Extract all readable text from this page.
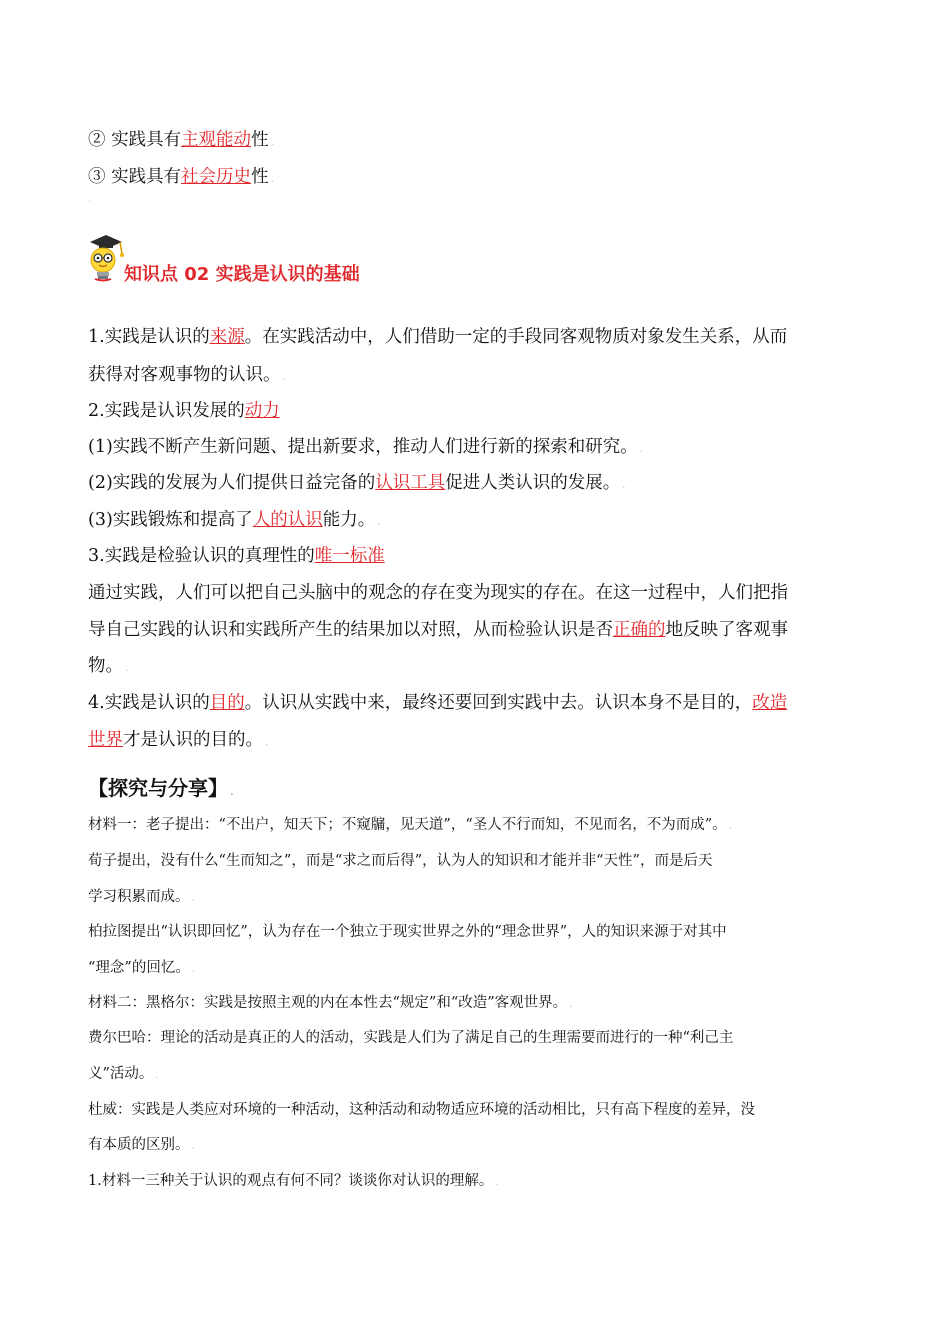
② 实践具有主观能动性 .
③ 实践具有社会历史性 .
.
知识点 02 实践是认识的基础
1.实践是认识的来源。在实践活动中，人们借助一定的手段同客观物质对象发生关系，从而
获得对客观事物的认识。 .
2.实践是认识发展的动力
(1)实践不断产生新问题、提出新要求，推动人们进行新的探索和研究。 .
(2)实践的发展为人们提供日益完备的认识工具促进人类认识的发展。 .
(3)实践锻炼和提高了人的认识能力。 .
3.实践是检验认识的真理性的唯一标准
通过实践，人们可以把自己头脑中的观念的存在变为现实的存在。在这一过程中，人们把指
导自己实践的认识和实践所产生的结果加以对照，从而检验认识是否正确的地反映了客观事
物。 .
4.实践是认识的目的。认识从实践中来，最终还要回到实践中去。认识本身不是目的，改造
世界才是认识的目的。 .
【探究与分享】 .
材料一：老子提出：“不出户，知天下；不窥牖，见天道”，“圣人不行而知，不见而名，不为而成”。 .
荀子提出，没有什么“生而知之”，而是“求之而后得”，认为人的知识和才能并非“天性”，而是后天
学习积累而成。 .
柏拉图提出“认识即回忆”，认为存在一个独立于现实世界之外的“理念世界”，人的知识来源于对其中
“理念”的回忆。 .
材料二：黑格尔：实践是按照主观的内在本性去“规定”和“改造”客观世界。 .
费尔巴哈：理论的活动是真正的人的活动，实践是人们为了满足自己的生理需要而进行的一种“利己主
义”活动。 .
杜威：实践是人类应对环境的一种活动，这种活动和动物适应环境的活动相比，只有高下程度的差异，没
有本质的区别。 .
1.材料一三种关于认识的观点有何不同？谈谈你对认识的理解。 .
